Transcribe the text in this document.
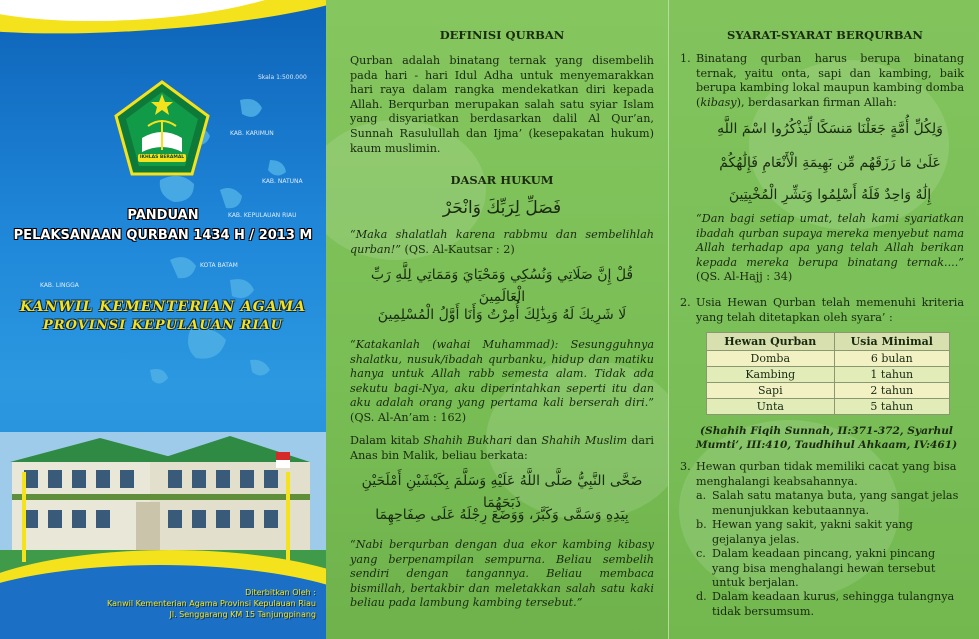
Skala 1:500.000
KAB. KARIMUN
KAB. NATUNA
KOTA BATAM
KAB. KEPULAUAN RIAU
KAB. LINGGA
IKHLAS BERAMAL
PANDUAN
PELAKSANAAN QURBAN 1434 H / 2013 M
KANWIL KEMENTERIAN AGAMA
PROVINSI KEPULAUAN RIAU
Diterbitkan Oleh :
Kanwil Kementerian Agama Provinsi Kepulauan Riau
Jl. Senggarang KM 15 Tanjungpinang
DEFINISI QURBAN

Qurban adalah binatang ternak yang disembelih pada hari - hari Idul Adha untuk menyemarakkan hari raya dalam rangka mendekatkan diri kepada Allah. Berqurban merupakan salah satu syiar Islam yang disyariatkan berdasarkan dalil Al Qur’an, Sunnah Rasulullah dan Ijma’ (kesepakatan hukum) kaum muslimin.

DASAR HUKUM

فَصَلِّ لِرَبِّكَ وَانْحَرْ

“Maka shalatlah karena rabbmu dan sembelihlah qurban!” (QS. Al-Kautsar : 2)

قُلْ إِنَّ صَلَاتِي وَنُسُكِي وَمَحْيَايَ وَمَمَاتِي لِلَّهِ رَبِّ الْعَالَمِينَ

لَا شَرِيكَ لَهُ وَبِذَٰلِكَ أُمِرْتُ وَأَنَا أَوَّلُ الْمُسْلِمِينَ

“Katakanlah (wahai Muhammad): Sesungguhnya shalatku, nusuk/ibadah qurbanku, hidup dan matiku hanya untuk Allah rabb semesta alam. Tidak ada sekutu bagi-Nya, aku diperintahkan seperti itu dan aku adalah orang yang pertama kali berserah diri.” (QS. Al-An’am : 162)

Dalam kitab Shahih Bukhari dan Shahih Muslim dari Anas bin Malik, beliau berkata:

ضَحَّى النَّبِيُّ صَلَّى اللَّهُ عَلَيْهِ وَسَلَّمَ بِكَبْشَيْنِ أَمْلَحَيْنِ ذَبَحَهُمَا

بِيَدِهِ وَسَمَّى وَكَبَّرَ، وَوَضَعَ رِجْلَهُ عَلَى صِفَاحِهِمَا

“Nabi berqurban dengan dua ekor kambing kibasy yang berpenampilan sempurna. Beliau sembelih sendiri dengan tangannya. Beliau membaca bismillah, bertakbir dan meletakkan salah satu kaki beliau pada lambung kambing tersebut.”

SYARAT-SYARAT BERQURBAN
1. Binatang qurban harus berupa binatang ternak, yaitu onta, sapi dan kambing, baik berupa kambing lokal maupun kambing domba (kibasy), berdasarkan firman Allah:

وَلِكُلِّ أُمَّةٍ جَعَلْنَا مَنسَكًا لِّيَذْكُرُوا اسْمَ اللَّهِ

عَلَىٰ مَا رَزَقَهُم مِّن بَهِيمَةِ الْأَنْعَامِ فَإِلَٰهُكُمْ

إِلَٰهٌ وَاحِدٌ فَلَهُ أَسْلِمُوا وَبَشِّرِ الْمُخْبِتِينَ

“Dan bagi setiap umat, telah kami syariatkan ibadah qurban supaya mereka menyebut nama Allah terhadap apa yang telah Allah berikan kepada mereka berupa binatang ternak....” (QS. Al-Hajj : 34)

2. Usia Hewan Qurban telah memenuhi kriteria yang telah ditetapkan oleh syara’ :

Hewan Qurban	Usia Minimal
Domba	6 bulan
Kambing	1 tahun
Sapi	2 tahun
Unta	5 tahun

(Shahih Fiqih Sunnah, II:371-372, Syarhul Mumti’, III:410, Taudhihul Ahkaam, IV:461)

3. Hewan qurban tidak memiliki cacat yang bisa menghalangi keabsahannya.

a. Salah satu matanya buta, yang sangat jelas menunjukkan kebutaannya.

b. Hewan yang sakit, yakni sakit yang gejalanya jelas.

c. Dalam keadaan pincang, yakni pincang yang bisa menghalangi hewan tersebut untuk berjalan.

d. Dalam keadaan kurus, sehingga tulangnya tidak bersumsum.
